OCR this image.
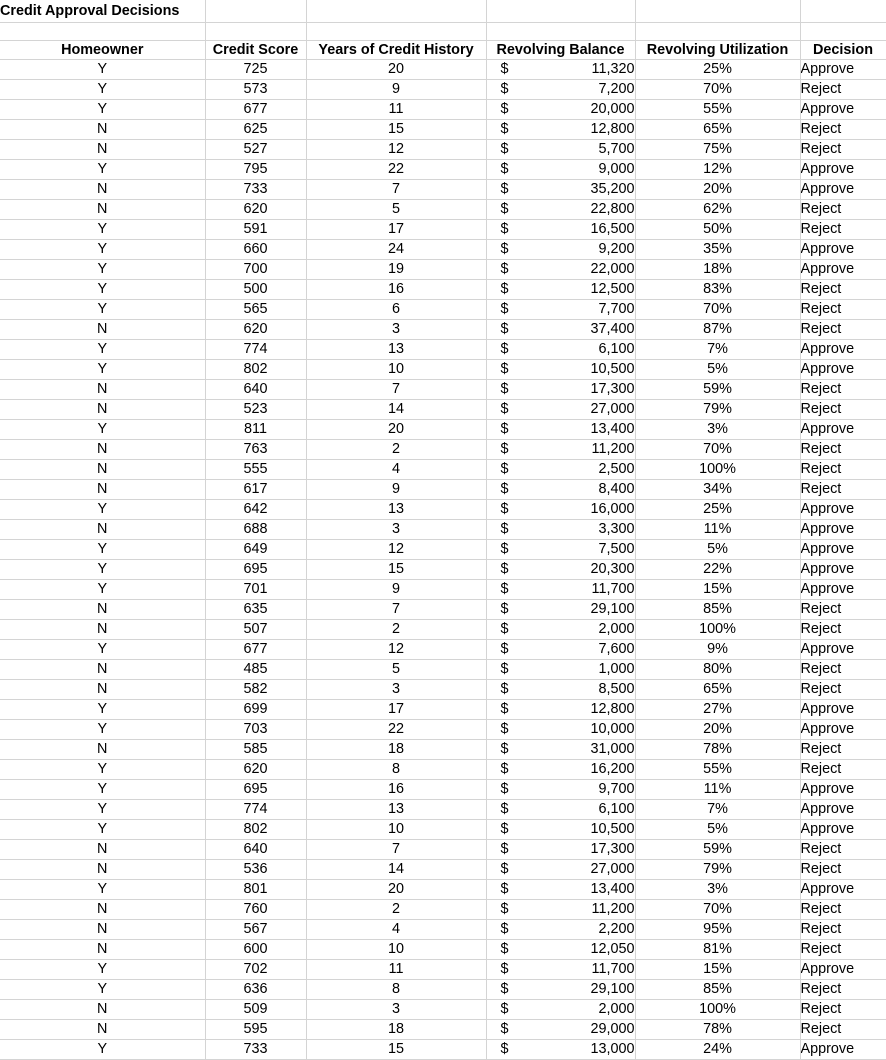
Credit Approval Decisions					

Homeowner	Credit Score	Years of Credit History	Revolving Balance	Revolving Utilization	Decision
Y	725	20	$ 11,320	25%	Approve
Y	573	9	$ 7,200	70%	Reject
Y	677	11	$ 20,000	55%	Approve
N	625	15	$ 12,800	65%	Reject
N	527	12	$ 5,700	75%	Reject
Y	795	22	$ 9,000	12%	Approve
N	733	7	$ 35,200	20%	Approve
N	620	5	$ 22,800	62%	Reject
Y	591	17	$ 16,500	50%	Reject
Y	660	24	$ 9,200	35%	Approve
Y	700	19	$ 22,000	18%	Approve
Y	500	16	$ 12,500	83%	Reject
Y	565	6	$ 7,700	70%	Reject
N	620	3	$ 37,400	87%	Reject
Y	774	13	$ 6,100	7%	Approve
Y	802	10	$ 10,500	5%	Approve
N	640	7	$ 17,300	59%	Reject
N	523	14	$ 27,000	79%	Reject
Y	811	20	$ 13,400	3%	Approve
N	763	2	$ 11,200	70%	Reject
N	555	4	$ 2,500	100%	Reject
N	617	9	$ 8,400	34%	Reject
Y	642	13	$ 16,000	25%	Approve
N	688	3	$ 3,300	11%	Approve
Y	649	12	$ 7,500	5%	Approve
Y	695	15	$ 20,300	22%	Approve
Y	701	9	$ 11,700	15%	Approve
N	635	7	$ 29,100	85%	Reject
N	507	2	$ 2,000	100%	Reject
Y	677	12	$ 7,600	9%	Approve
N	485	5	$ 1,000	80%	Reject
N	582	3	$ 8,500	65%	Reject
Y	699	17	$ 12,800	27%	Approve
Y	703	22	$ 10,000	20%	Approve
N	585	18	$ 31,000	78%	Reject
Y	620	8	$ 16,200	55%	Reject
Y	695	16	$ 9,700	11%	Approve
Y	774	13	$ 6,100	7%	Approve
Y	802	10	$ 10,500	5%	Approve
N	640	7	$ 17,300	59%	Reject
N	536	14	$ 27,000	79%	Reject
Y	801	20	$ 13,400	3%	Approve
N	760	2	$ 11,200	70%	Reject
N	567	4	$ 2,200	95%	Reject
N	600	10	$ 12,050	81%	Reject
Y	702	11	$ 11,700	15%	Approve
Y	636	8	$ 29,100	85%	Reject
N	509	3	$ 2,000	100%	Reject
N	595	18	$ 29,000	78%	Reject
Y	733	15	$ 13,000	24%	Approve
